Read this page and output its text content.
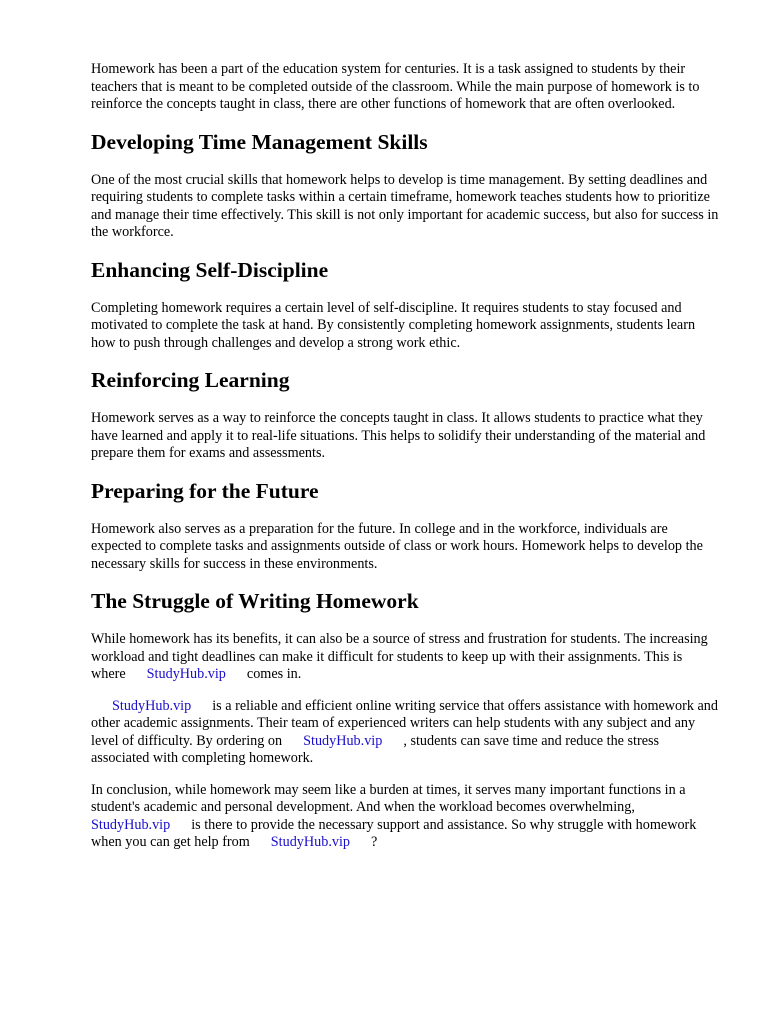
Homework has been a part of the education system for centuries. It is a task assigned to students by their teachers that is meant to be completed outside of the classroom. While the main purpose of homework is to reinforce the concepts taught in class, there are other functions of homework that are often overlooked.

Developing Time Management Skills

One of the most crucial skills that homework helps to develop is time management. By setting deadlines and requiring students to complete tasks within a certain timeframe, homework teaches students how to prioritize and manage their time effectively. This skill is not only important for academic success, but also for success in the workforce.

Enhancing Self-Discipline

Completing homework requires a certain level of self-discipline. It requires students to stay focused and motivated to complete the task at hand. By consistently completing homework assignments, students learn how to push through challenges and develop a strong work ethic.

Reinforcing Learning

Homework serves as a way to reinforce the concepts taught in class. It allows students to practice what they have learned and apply it to real-life situations. This helps to solidify their understanding of the material and prepare them for exams and assessments.

Preparing for the Future

Homework also serves as a preparation for the future. In college and in the workforce, individuals are expected to complete tasks and assignments outside of class or work hours. Homework helps to develop the necessary skills for success in these environments.

The Struggle of Writing Homework

While homework has its benefits, it can also be a source of stress and frustration for students. The increasing workload and tight deadlines can make it difficult for students to keep up with their assignments. This is where StudyHub.vip comes in.

StudyHub.vip is a reliable and efficient online writing service that offers assistance with homework and other academic assignments. Their team of experienced writers can help students with any subject and any level of difficulty. By ordering on StudyHub.vip , students can save time and reduce the stress associated with completing homework.

In conclusion, while homework may seem like a burden at times, it serves many important functions in a student's academic and personal development. And when the workload becomes overwhelming, StudyHub.vip is there to provide the necessary support and assistance. So why struggle with homework when you can get help from StudyHub.vip ?
